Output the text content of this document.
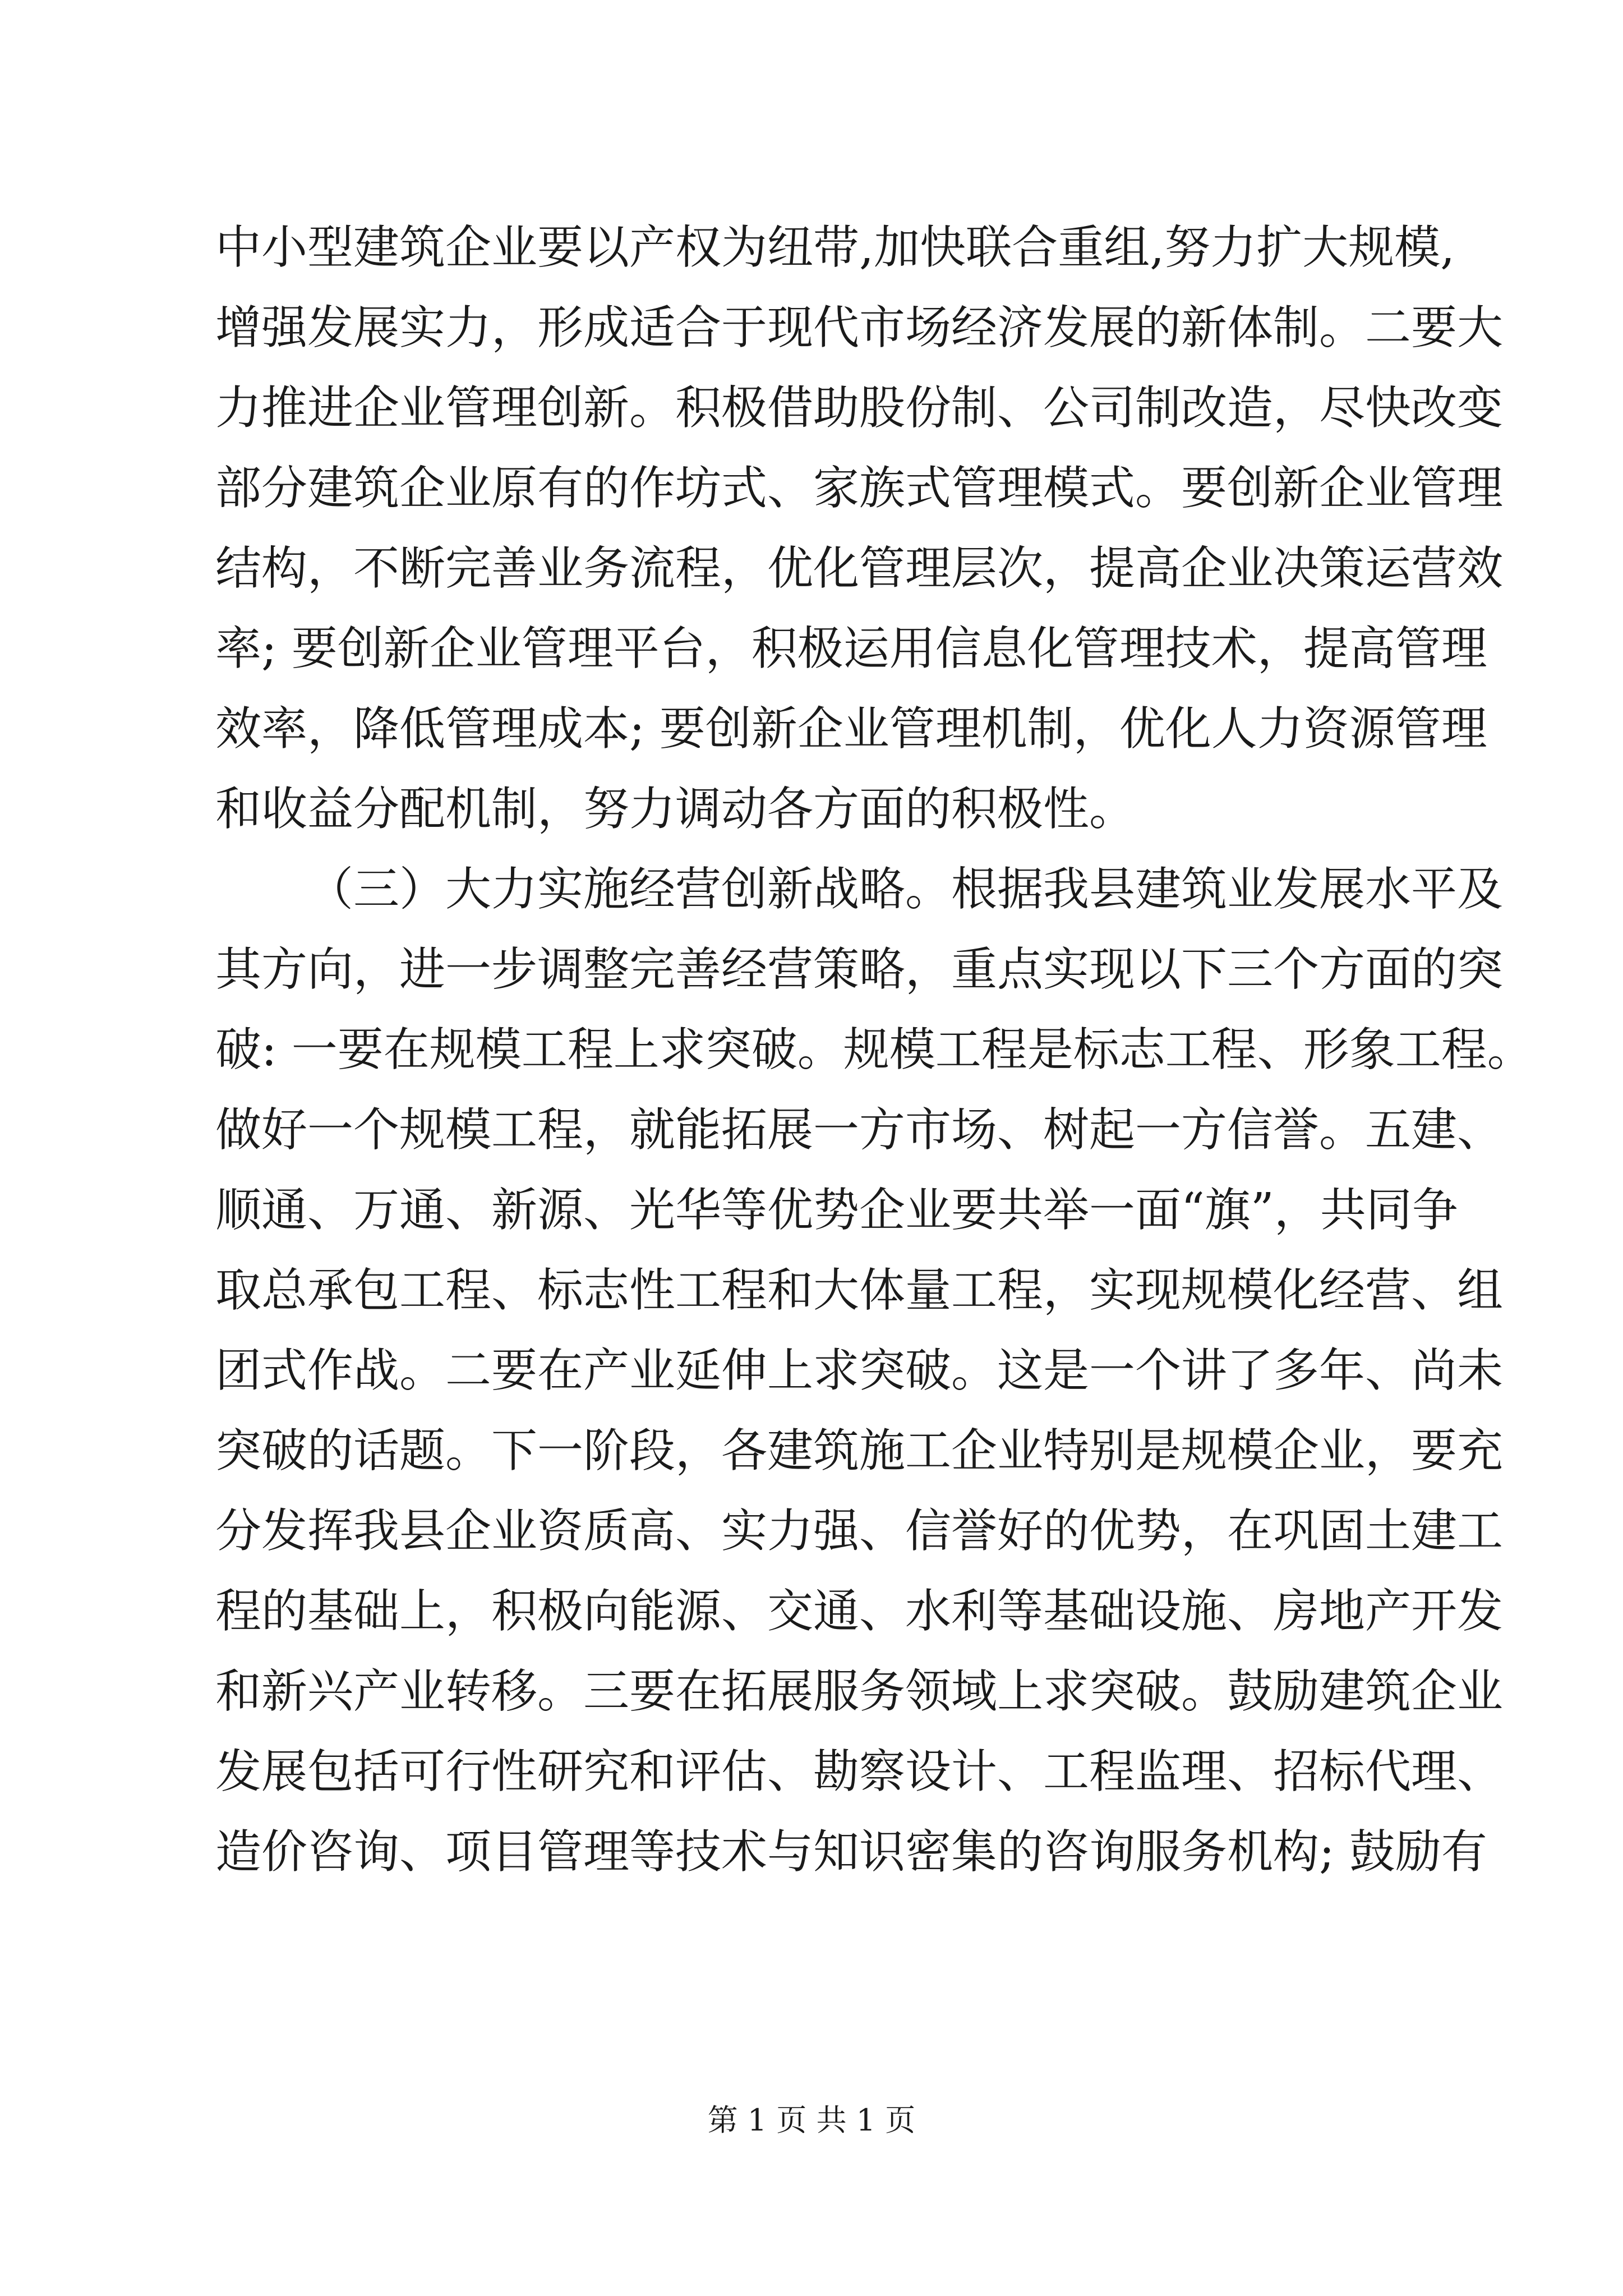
中小型建筑企业要以产权为纽带,加快联合重组,努力扩大规模,
增强发展实力，形成适合于现代市场经济发展的新体制。二要大
力推进企业管理创新。积极借助股份制、公司制改造，尽快改变
部分建筑企业原有的作坊式、家族式管理模式。要创新企业管理
结构，不断完善业务流程，优化管理层次，提高企业决策运营效
率; 要创新企业管理平台，积极运用信息化管理技术，提高管理
效率，降低管理成本; 要创新企业管理机制，优化人力资源管理
和收益分配机制，努力调动各方面的积极性。
（三）大力实施经营创新战略。根据我县建筑业发展水平及
其方向，进一步调整完善经营策略，重点实现以下三个方面的突
破: 一要在规模工程上求突破。规模工程是标志工程、形象工程。
做好一个规模工程，就能拓展一方市场、树起一方信誉。五建、
顺通、万通、新源、光华等优势企业要共举一面“旗”，共同争
取总承包工程、标志性工程和大体量工程，实现规模化经营、组
团式作战。二要在产业延伸上求突破。这是一个讲了多年、尚未
突破的话题。下一阶段，各建筑施工企业特别是规模企业，要充
分发挥我县企业资质高、实力强、信誉好的优势，在巩固土建工
程的基础上，积极向能源、交通、水利等基础设施、房地产开发
和新兴产业转移。三要在拓展服务领域上求突破。鼓励建筑企业
发展包括可行性研究和评估、勘察设计、工程监理、招标代理、
造价咨询、项目管理等技术与知识密集的咨询服务机构; 鼓励有
第 1 页 共 1 页
